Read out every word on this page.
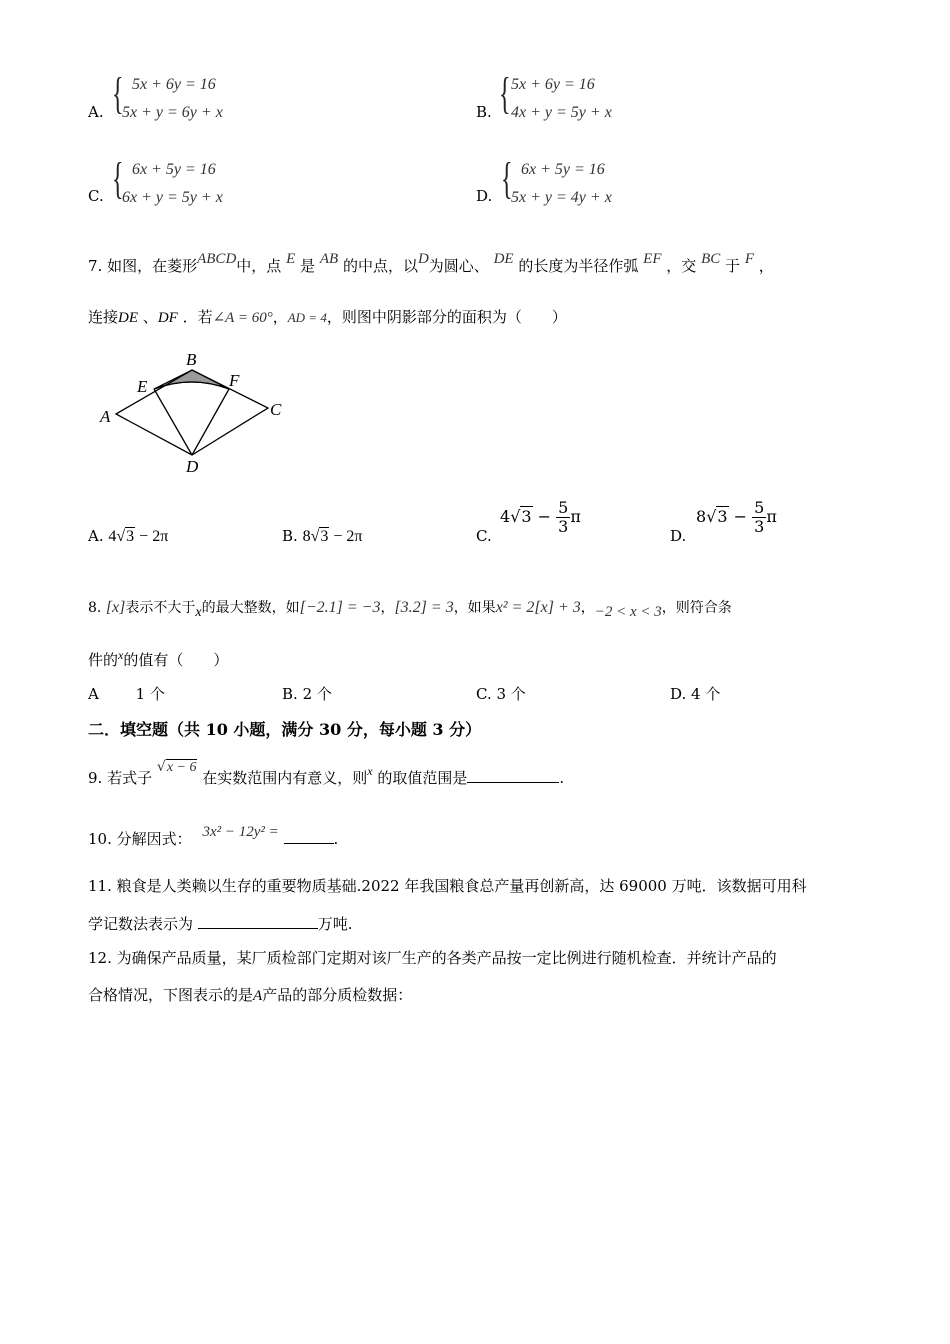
A. { 5x + 6y = 16
5x + y = 6y + x	B. { 5x + 6y = 16
4x + y = 5y + x
C. { 6x + 5y = 16
6x + y = 5y + x	D. { 6x + 5y = 16
5x + y = 4y + x
7. 如图，在菱形ABCD中，点 E 是 AB 的中点，以D为圆心、 DE 的长度为半径作弧 EF ，交 BC 于 F ，
连接DE 、DF ．若∠A = 60°，AD = 4，则图中阴影部分的面积为（　　）
B
E	F
A	C
D
A. 4√3 − 2π	B. 8√3 − 2π	C.
$4√3 - \frac{5}{3}$ π
D.
$8√3 - \frac{5}{3}$ π
8. [x]表示不大于x的最大整数，如[−2.1] = −3，[3.2] = 3，如果x² = 2[x] + 3，−2 < x < 3，则符合条
件的$^x$的值有（　　）
A 1 个	B. 2 个	C. 3 个	D. 4 个
二．填空题（共 10 小题，满分 30 分，每小题 3 分）
9. 若式子 √x − 6 在实数范围内有意义，则$^x$ 的取值范围是	.
10. 分解因式： 3x² − 12y² =	.
11. 粮食是人类赖以生存的重要物质基础.2022 年我国粮食总产量再创新高，达 69000 万吨．该数据可用科
学记数法表示为	万吨.
12. 为确保产品质量，某厂质检部门定期对该厂生产的各类产品按一定比例进行随机检查．并统计产品的
合格情况，下图表示的是A产品的部分质检数据：
